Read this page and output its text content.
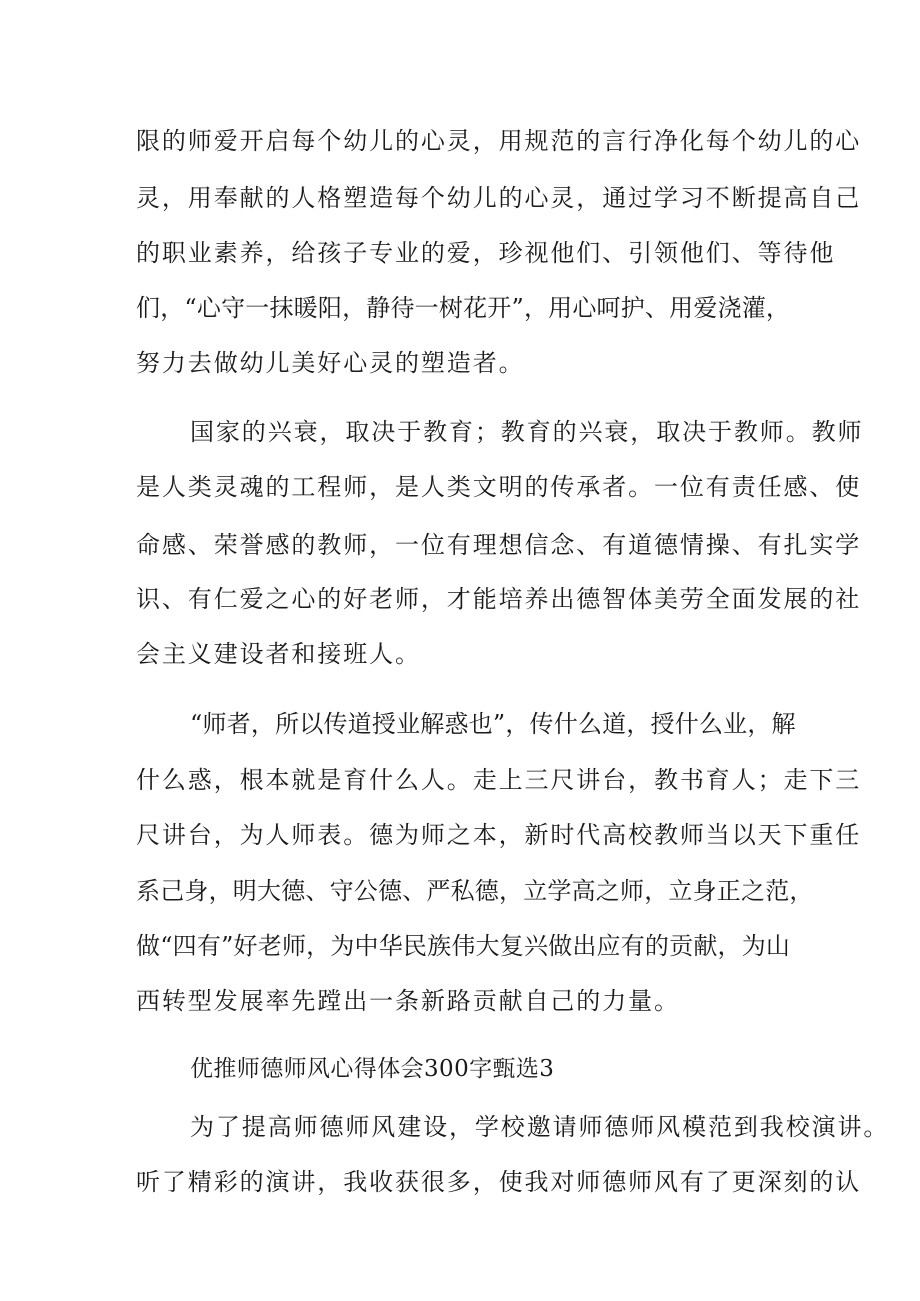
限的师爱开启每个幼儿的心灵，用规范的言行净化每个幼儿的心
灵，用奉献的人格塑造每个幼儿的心灵，通过学习不断提高自己
的职业素养，给孩子专业的爱，珍视他们、引领他们、等待他
们，“心守一抹暖阳，静待一树花开”，用心呵护、用爱浇灌，
努力去做幼儿美好心灵的塑造者。
国家的兴衰，取决于教育；教育的兴衰，取决于教师。教师
是人类灵魂的工程师，是人类文明的传承者。一位有责任感、使
命感、荣誉感的教师，一位有理想信念、有道德情操、有扎实学
识、有仁爱之心的好老师，才能培养出德智体美劳全面发展的社
会主义建设者和接班人。
“师者，所以传道授业解惑也”，传什么道，授什么业，解
什么惑，根本就是育什么人。走上三尺讲台，教书育人；走下三
尺讲台，为人师表。德为师之本，新时代高校教师当以天下重任
系己身，明大德、守公德、严私德，立学高之师，立身正之范，
做“四有”好老师，为中华民族伟大复兴做出应有的贡献，为山
西转型发展率先蹚出一条新路贡献自己的力量。
优推师德师风心得体会300字甄选3
为了提高师德师风建设，学校邀请师德师风模范到我校演讲。
听了精彩的演讲，我收获很多，使我对师德师风有了更深刻的认
